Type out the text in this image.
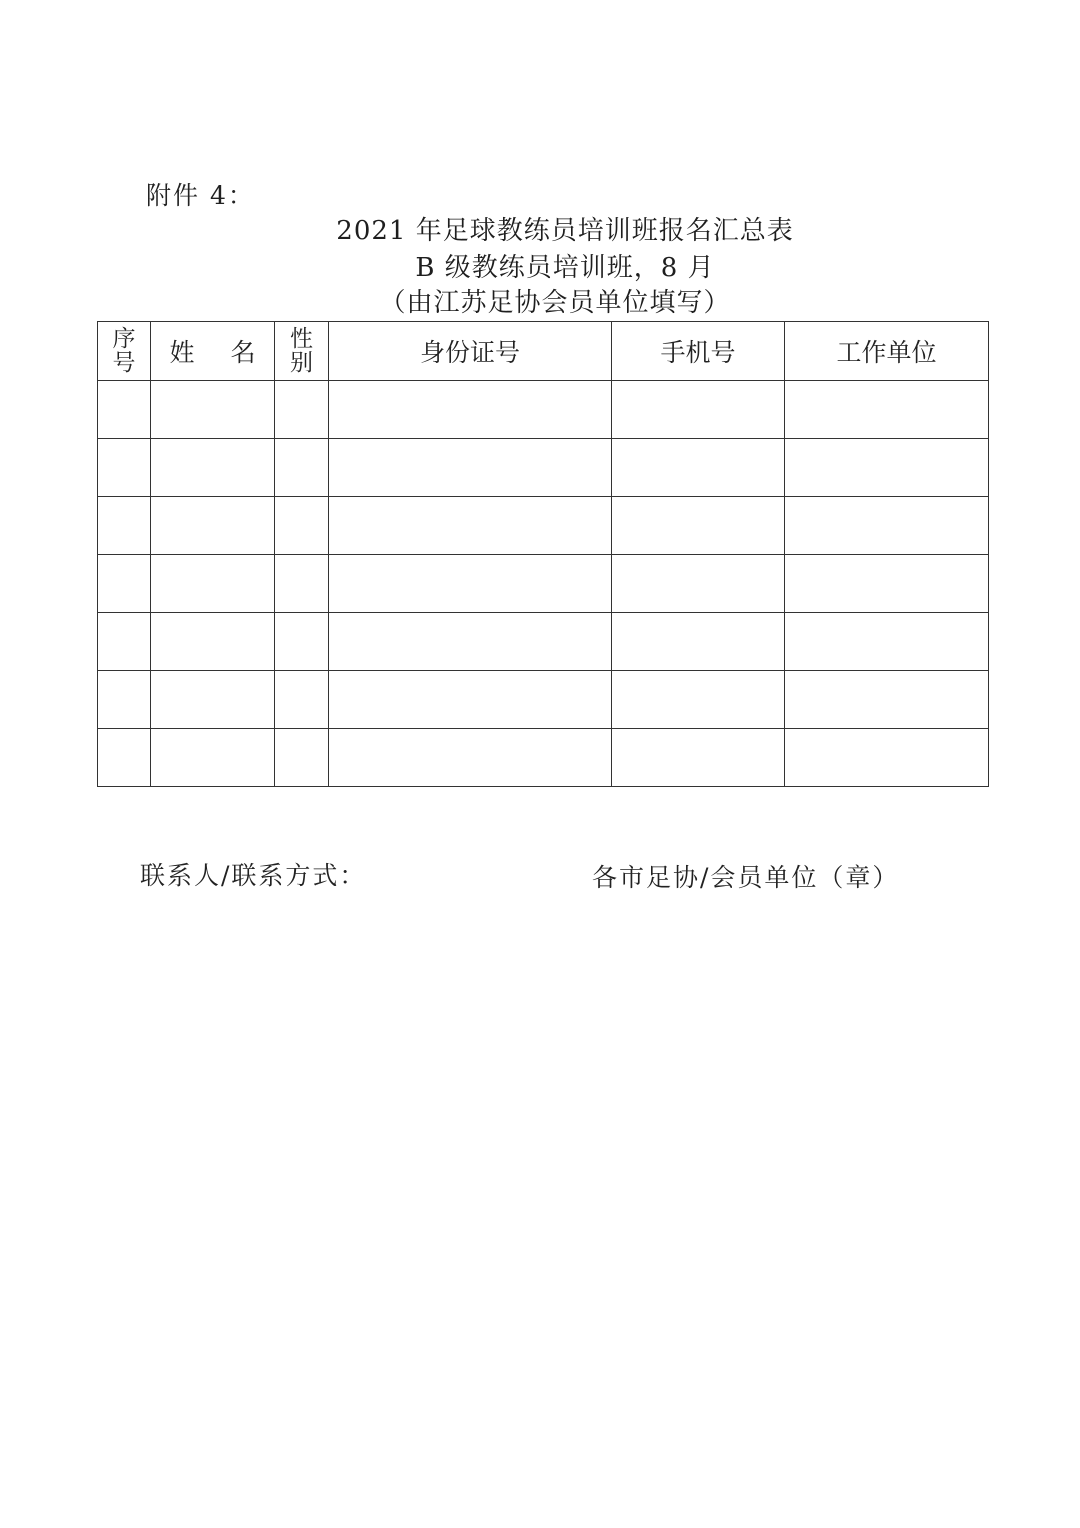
附件 4：
2021 年足球教练员培训班报名汇总表
B 级教练员培训班，8 月
（由江苏足协会员单位填写）
序号	姓 名	性别	身份证号	手机号	工作单位

联系人/联系方式：	各市足协/会员单位（章）
